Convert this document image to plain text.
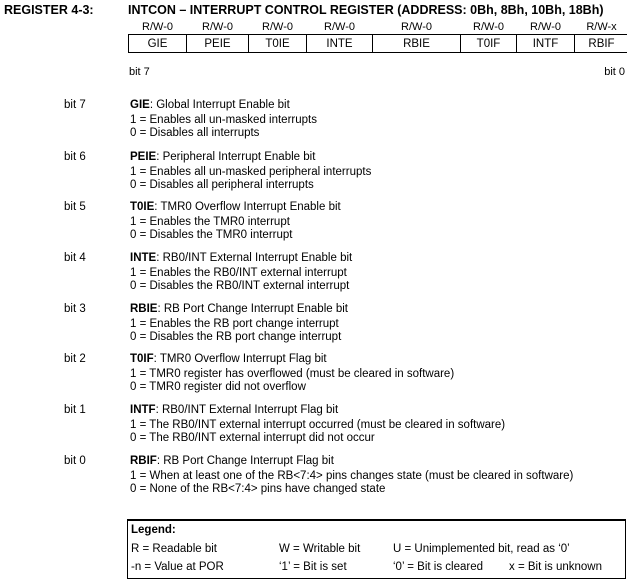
REGISTER 4-3:	INTCON – INTERRUPT CONTROL REGISTER (ADDRESS: 0Bh, 8Bh, 10Bh, 18Bh)
R/W-0	R/W-0	R/W-0	R/W-0	R/W-0	R/W-0	R/W-0	R/W-x
GIE	PEIE	T0IE	INTE	RBIE	T0IF	INTF	RBIF
bit 7	bit 0
bit 7	GIE: Global Interrupt Enable bit
1 = Enables all un-masked interrupts
0 = Disables all interrupts
bit 6	PEIE: Peripheral Interrupt Enable bit
1 = Enables all un-masked peripheral interrupts
0 = Disables all peripheral interrupts
bit 5	T0IE: TMR0 Overflow Interrupt Enable bit
1 = Enables the TMR0 interrupt
0 = Disables the TMR0 interrupt
bit 4	INTE: RB0/INT External Interrupt Enable bit
1 = Enables the RB0/INT external interrupt
0 = Disables the RB0/INT external interrupt
bit 3	RBIE: RB Port Change Interrupt Enable bit
1 = Enables the RB port change interrupt
0 = Disables the RB port change interrupt
bit 2	T0IF: TMR0 Overflow Interrupt Flag bit
1 = TMR0 register has overflowed (must be cleared in software)
0 = TMR0 register did not overflow
bit 1	INTF: RB0/INT External Interrupt Flag bit
1 = The RB0/INT external interrupt occurred (must be cleared in software)
0 = The RB0/INT external interrupt did not occur
bit 0	RBIF: RB Port Change Interrupt Flag bit
1 = When at least one of the RB<7:4> pins changes state (must be cleared in software)
0 = None of the RB<7:4> pins have changed state
Legend:
R = Readable bit	W = Writable bit	U = Unimplemented bit, read as ‘0’
-n = Value at POR	‘1’ = Bit is set	‘0’ = Bit is cleared x = Bit is unknown
